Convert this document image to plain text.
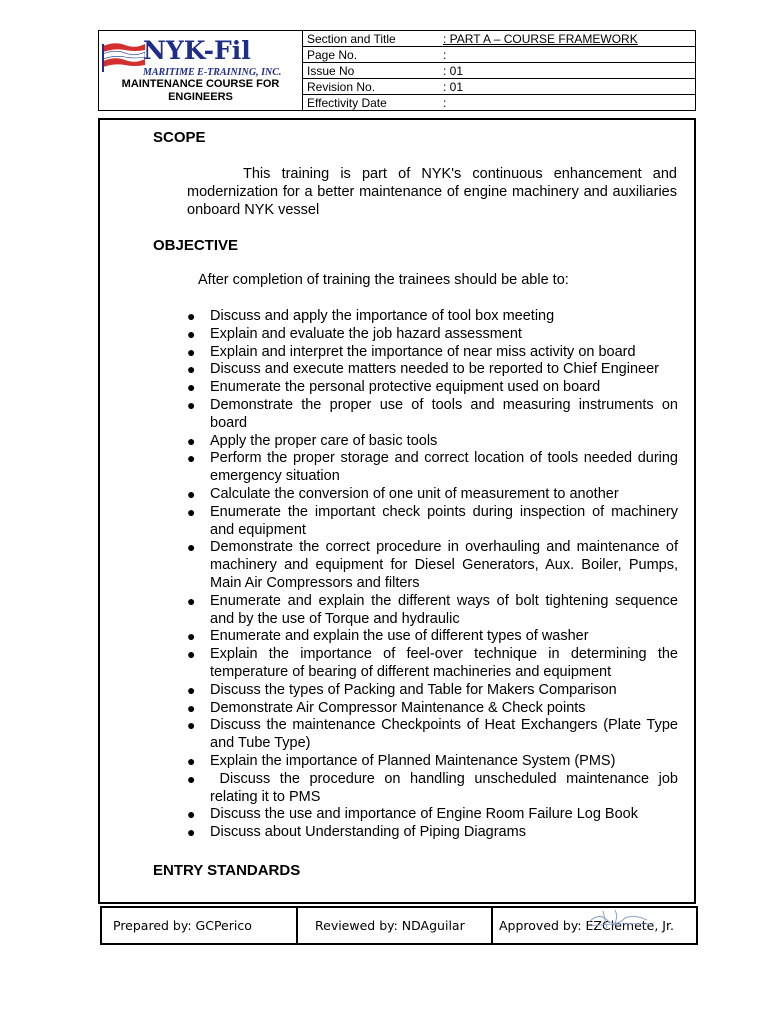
NYK-Fil
MARITIME E-TRAINING, INC.
MAINTENANCE COURSE FOR
ENGINEERS
Section and Title	: PART A – COURSE FRAMEWORK
Page No.	:
Issue No	: 01
Revision No.	: 01
Effectivity Date	:
SCOPE
This training is part of NYK's continuous enhancement and modernization for a better maintenance of engine machinery and auxiliaries onboard NYK vessel
OBJECTIVE
After completion of training the trainees should be able to:
● Discuss and apply the importance of tool box meeting
● Explain and evaluate the job hazard assessment
● Explain and interpret the importance of near miss activity on board
● Discuss and execute matters needed to be reported to Chief Engineer
● Enumerate the personal protective equipment used on board
● Demonstrate the proper use of tools and measuring instruments on board
● Apply the proper care of basic tools
● Perform the proper storage and correct location of tools needed during emergency situation
● Calculate the conversion of one unit of measurement to another
● Enumerate the important check points during inspection of machinery and equipment
● Demonstrate the correct procedure in overhauling and maintenance of machinery and equipment for Diesel Generators, Aux. Boiler, Pumps, Main Air Compressors and filters
● Enumerate and explain the different ways of bolt tightening sequence and by the use of Torque and hydraulic
● Enumerate and explain the use of different types of washer
● Explain the importance of feel-over technique in determining the temperature of bearing of different machineries and equipment
● Discuss the types of Packing and Table for Makers Comparison
● Demonstrate Air Compressor Maintenance & Check points
● Discuss the maintenance Checkpoints of Heat Exchangers (Plate Type and Tube Type)
● Explain the importance of Planned Maintenance System (PMS)
● Discuss the procedure on handling unscheduled maintenance job relating it to PMS
● Discuss the use and importance of Engine Room Failure Log Book
● Discuss about Understanding of Piping Diagrams
ENTRY STANDARDS
Prepared by: GCPerico	Reviewed by: NDAguilar	Approved by: EZClemete, Jr.
